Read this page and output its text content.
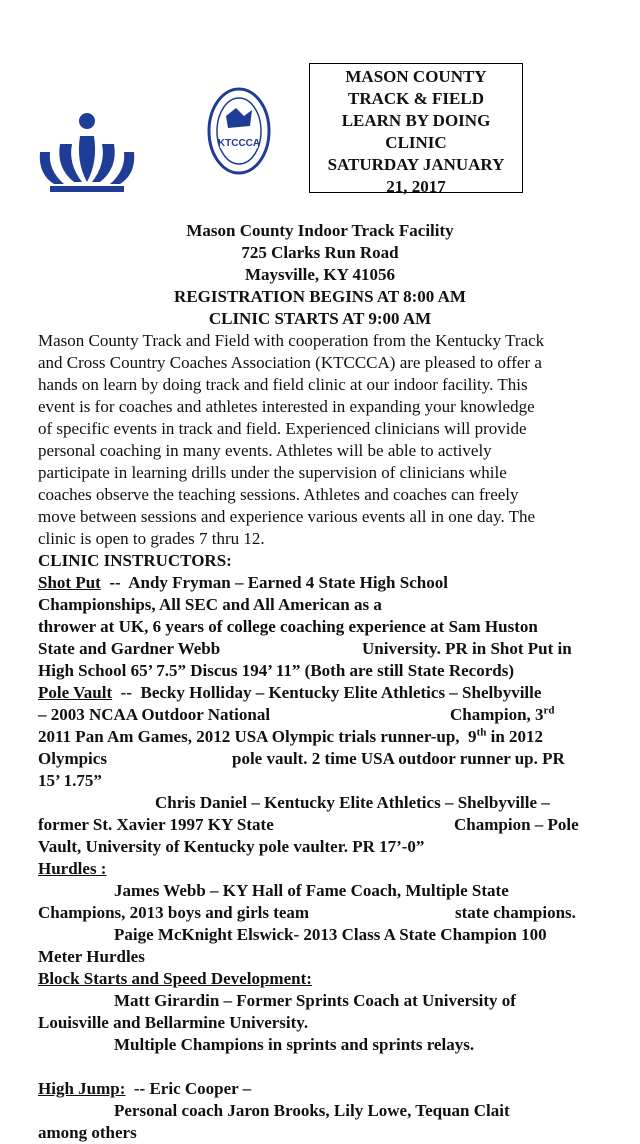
KTCCCA
MASON COUNTY
TRACK & FIELD
LEARN BY DOING
CLINIC
SATURDAY JANUARY
21, 2017
Mason County Indoor Track Facility
725 Clarks Run Road
Maysville, KY 41056
REGISTRATION BEGINS AT 8:00 AM
CLINIC STARTS AT 9:00 AM
Mason County Track and Field with cooperation from the Kentucky Track
and Cross Country Coaches Association (KTCCCA) are pleased to offer a
hands on learn by doing track and field clinic at our indoor facility. This
event is for coaches and athletes interested in expanding your knowledge
of specific events in track and field. Experienced clinicians will provide
personal coaching in many events. Athletes will be able to actively
participate in learning drills under the supervision of clinicians while
coaches observe the teaching sessions. Athletes and coaches can freely
move between sessions and experience various events all in one day. The
clinic is open to grades 7 thru 12.
CLINIC INSTRUCTORS:
Shot Put  --  Andy Fryman – Earned 4 State High School
Championships, All SEC and All American as a
thrower at UK, 6 years of college coaching experience at Sam Huston
State and Gardner Webb	University. PR in Shot Put in
High School 65’ 7.5” Discus 194’ 11” (Both are still State Records)
Pole Vault  --  Becky Holliday – Kentucky Elite Athletics – Shelbyville
– 2003 NCAA Outdoor National	Champion, 3rd
2011 Pan Am Games, 2012 USA Olympic trials runner-up,  9th in 2012
Olympics	pole vault. 2 time USA outdoor runner up. PR
15’ 1.75”
Chris Daniel – Kentucky Elite Athletics – Shelbyville –
former St. Xavier 1997 KY State	Champion – Pole
Vault, University of Kentucky pole vaulter. PR 17’-0”
Hurdles :
James Webb – KY Hall of Fame Coach, Multiple State
Champions, 2013 boys and girls team	state champions.
Paige McKnight Elswick- 2013 Class A State Champion 100
Meter Hurdles
Block Starts and Speed Development:
Matt Girardin – Former Sprints Coach at University of
Louisville and Bellarmine University.
Multiple Champions in sprints and sprints relays.
High Jump:  -- Eric Cooper –
Personal coach Jaron Brooks, Lily Lowe, Tequan Clait
among others
